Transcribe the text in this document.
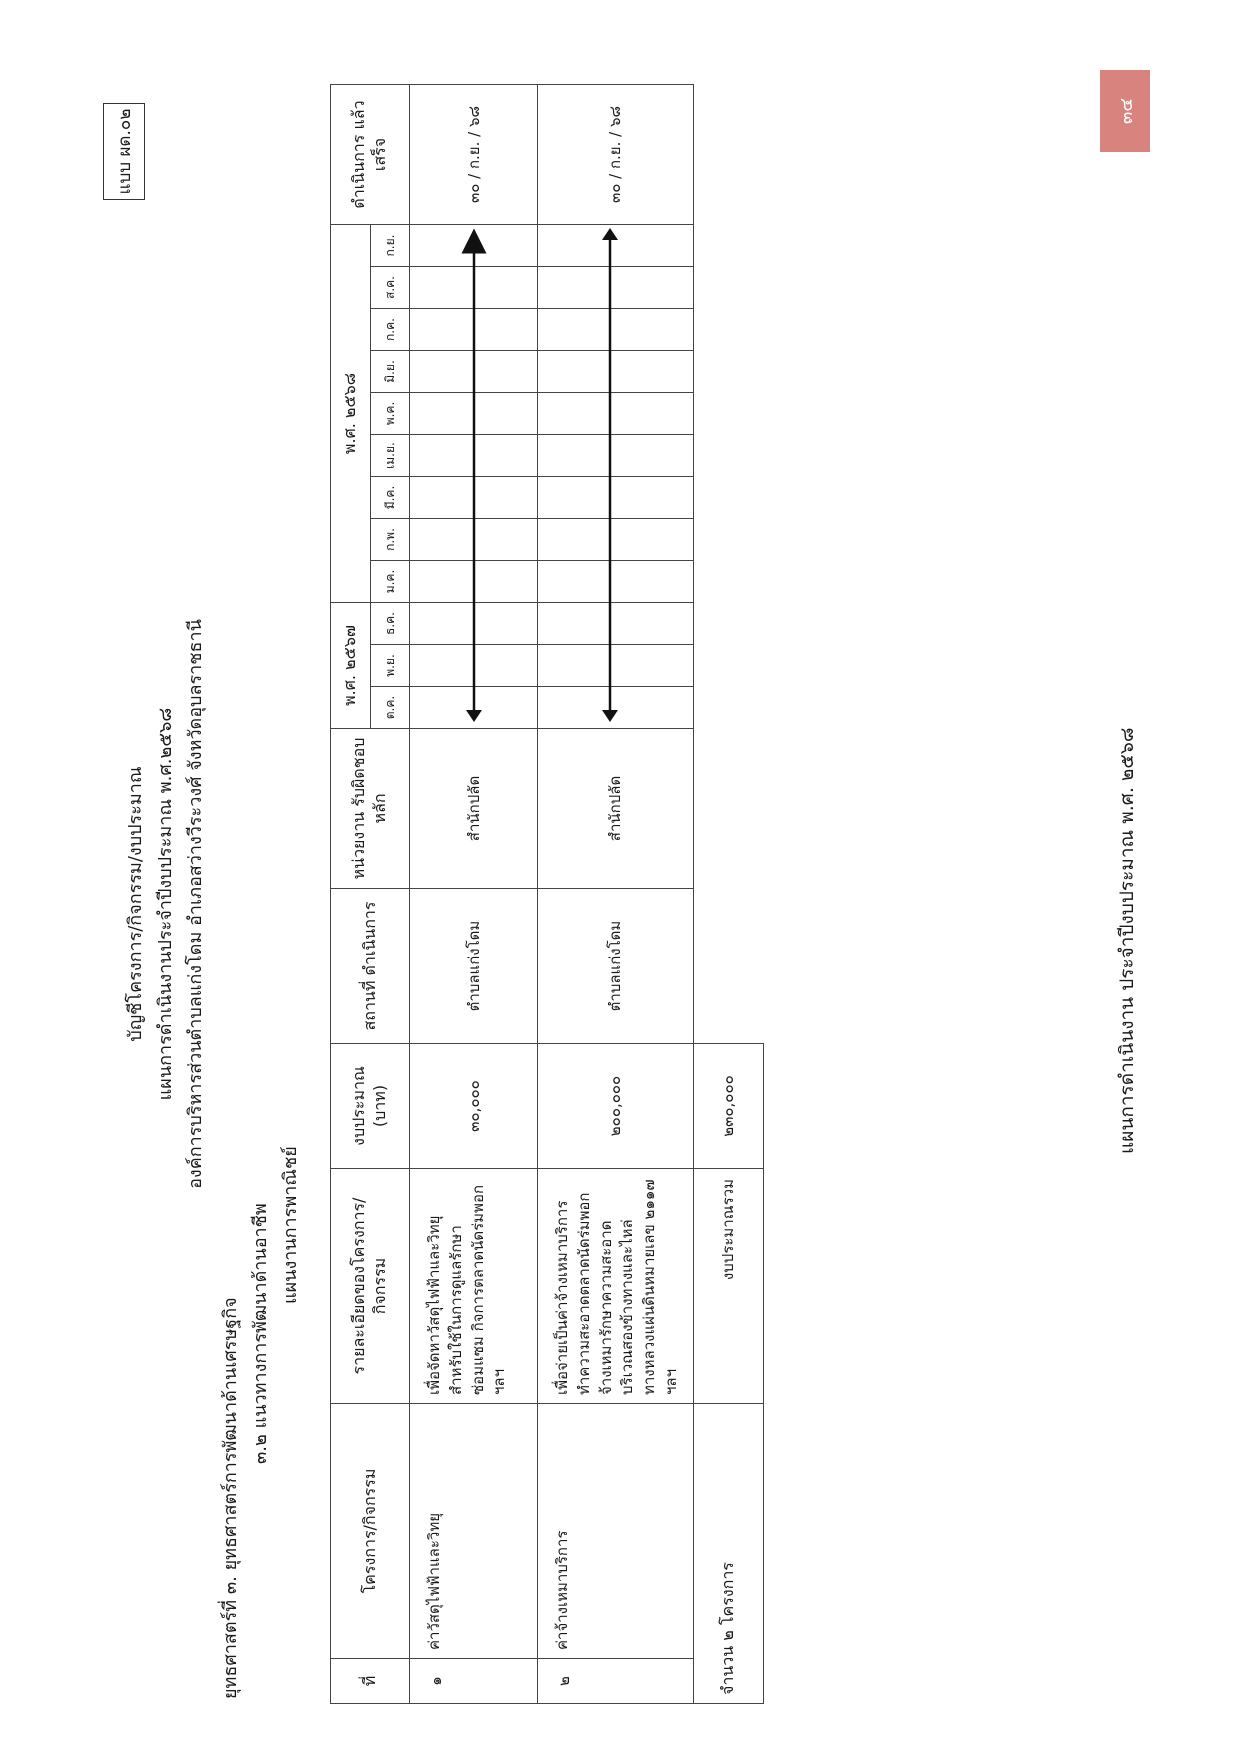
แบบ ผด.๐๒
บัญชีโครงการ/กิจกรรม/งบประมาณ แผนการดำเนินงานประจำปีงบประมาณ พ.ศ.๒๕๖๘ องค์การบริหารส่วนตำบลแก่งโดม อำเภอสว่างวีระวงศ์ จังหวัดอุบลราชธานี
ยุทธศาสตร์ที่ ๓. ยุทธศาสตร์การพัฒนาด้านเศรษฐกิจ ๓.๒ แนวทางการพัฒนาด้านอาชีพ แผนงานการพาณิชย์
ที่	โครงการ/กิจกรรม	รายละเอียดของโครงการ/ กิจกรรม	งบประมาณ (บาท)	สถานที่ ดำเนินการ	หน่วยงาน รับผิดชอบหลัก	พ.ศ. ๒๕๖๗			พ.ศ. ๒๕๖๘									ดำเนินการ แล้วเสร็จ
						ต.ค.	พ.ย.	ธ.ค.	ม.ค.	ก.พ.	มี.ค.	เม.ย.	พ.ค.	มิ.ย.	ก.ค.	ส.ค.	ก.ย.	
๑	ค่าวัสดุไฟฟ้าและวิทยุ	เพื่อจัดหาวัสดุไฟฟ้าและวิทยุสำหรับใช้ในการดูแลรักษา ซ่อมแซม กิจการตลาดนัดร่มพอก ฯลฯ	๓๐,๐๐๐	ตำบลแก่งโดม	สำนักปลัด													๓๐ / ก.ย. / ๖๘
๒	ค่าจ้างเหมาบริการ	เพื่อจ่ายเป็นค่าจ้างเหมาบริการทำความสะอาดตลาดนัดร่มพอก จ้างเหมารักษาความสะอาดบริเวณสองข้างทางและไหล่ทางหลวงแผ่นดินหมายเลข ๒๑๑๗ ฯลฯ	๒๐๐,๐๐๐	ตำบลแก่งโดม	สำนักปลัด													๓๐ / ก.ย. / ๖๘
จำนวน ๒ โครงการ		งบประมาณรวม	๒๓๐,๐๐๐																แผนการดำเนินงาน ประจำปีงบประมาณ พ.ศ. ๒๕๖๘
๓๔
